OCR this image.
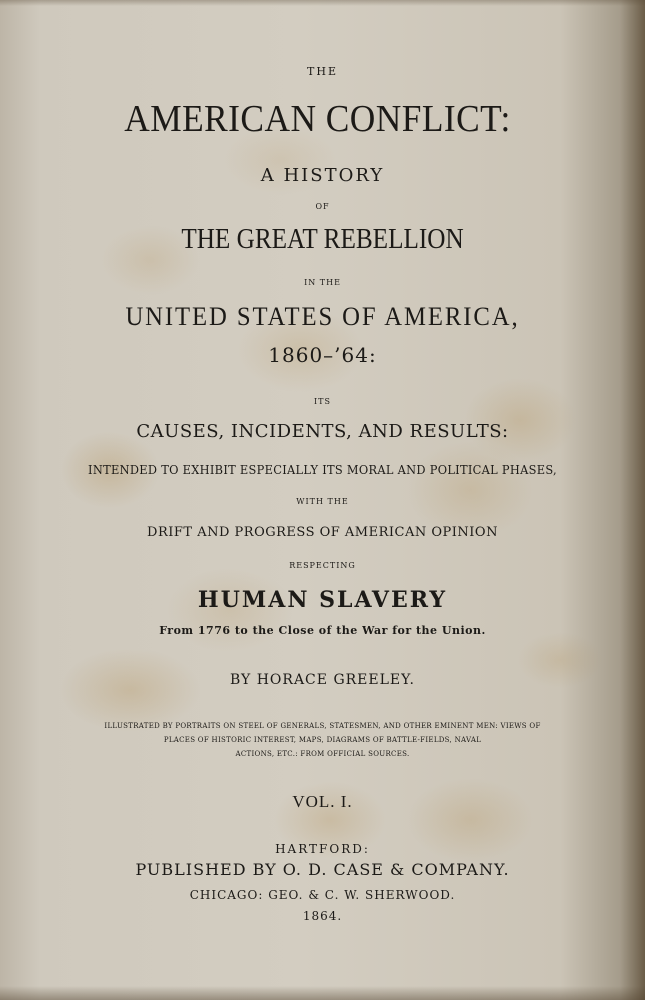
THE
AMERICAN CONFLICT:
A HISTORY
OF
THE GREAT REBELLION
IN THE
UNITED STATES OF AMERICA,
1860–’64:
ITS
CAUSES, INCIDENTS, AND RESULTS:
INTENDED TO EXHIBIT ESPECIALLY ITS MORAL AND POLITICAL PHASES,
WITH THE
DRIFT AND PROGRESS OF AMERICAN OPINION
RESPECTING
HUMAN SLAVERY
From 1776 to the Close of the War for the Union.
BY HORACE GREELEY.
ILLUSTRATED BY PORTRAITS ON STEEL OF GENERALS, STATESMEN, AND OTHER EMINENT MEN: VIEWS OF
PLACES OF HISTORIC INTEREST, MAPS, DIAGRAMS OF BATTLE-FIELDS, NAVAL
ACTIONS, ETC.: FROM OFFICIAL SOURCES.
VOL. I.
HARTFORD:
PUBLISHED BY O. D. CASE & COMPANY.
CHICAGO: GEO. & C. W. SHERWOOD.
1864.
